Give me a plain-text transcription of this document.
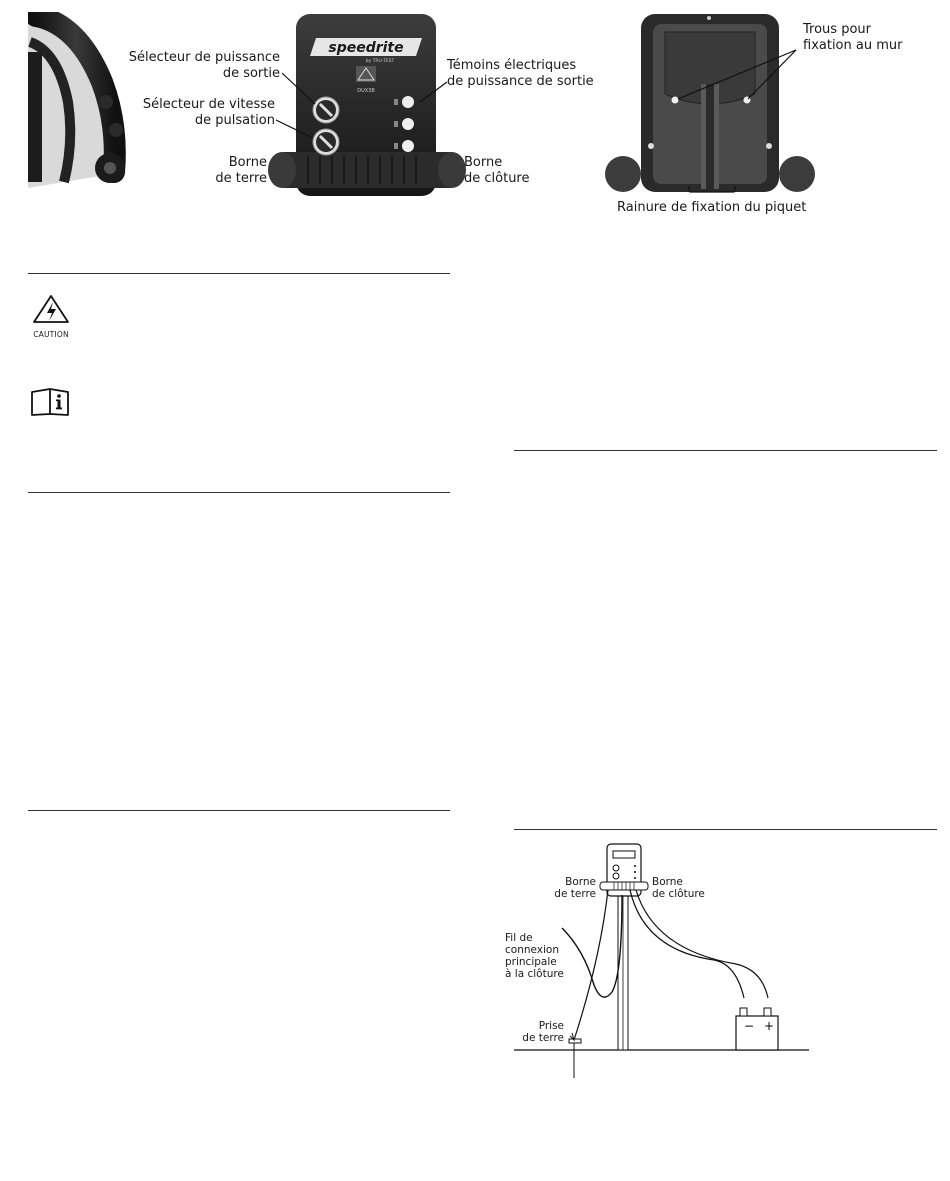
speedrite
by TRU-TEST
DUX3B
Sélecteur de puissance
de sortie
Sélecteur de vitesse
de pulsation
Borne
de terre
Témoins électriques
de puissance de sortie
Borne
de clôture
Trous pour
fixation au mur
Rainure de fixation du piquet
CAUTION
− +
Borne
de terre
Borne
de clôture
Fil de
connexion
principale
à la clôture
Prise
de terre
